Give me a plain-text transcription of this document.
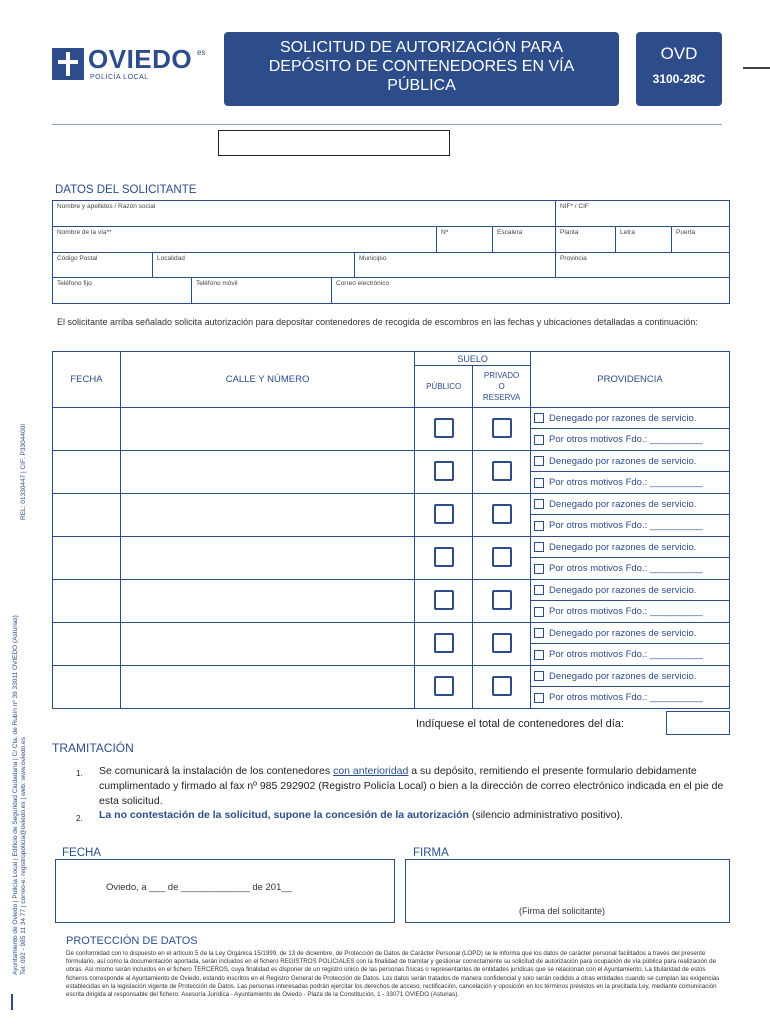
OVIEDO es
POLICÍA LOCAL
SOLICITUD DE AUTORIZACIÓN PARA
DEPÓSITO DE CONTENEDORES EN VÍA
PÚBLICA
OVD
3100-28C
DATOS DEL SOLICITANTE
Nombre y apellidos / Razón social	NIF* / CIF
Nombre de la vía**	Nº	Escalera	Planta	Letra	Puerta
Código Postal	Localidad	Municipio	Provincia
Teléfono fijo	Teléfono móvil	Correo electrónico
El solicitante arriba señalado solicita autorización para depositar contenedores de recogida de escombros en las fechas y ubicaciones detalladas a continuación:
FECHA	CALLE Y NÚMERO	SUELO		PROVIDENCIA
		PÚBLICO	PRIVADO
O
RESERVA	

				Denegado por razones de servicio.
Por otros motivos Fdo.: __________

				Denegado por razones de servicio.
Por otros motivos Fdo.: __________

				Denegado por razones de servicio.
Por otros motivos Fdo.: __________

				Denegado por razones de servicio.
Por otros motivos Fdo.: __________

				Denegado por razones de servicio.
Por otros motivos Fdo.: __________

				Denegado por razones de servicio.
Por otros motivos Fdo.: __________

				Denegado por razones de servicio.
Por otros motivos Fdo.: __________
Indíquese el total de contenedores del día:
TRAMITACIÓN
1. Se comunicará la instalación de los contenedores con anterioridad a su depósito, remitiendo el presente formulario debidamente cumplimentado y firmado al fax nº 985 292902 (Registro Policía Local) o bien a la dirección de correo electrónico indicada en el pie de esta solicitud.
2. La no contestación de la solicitud, supone la concesión de la autorización (silencio administrativo positivo).
FECHA	FIRMA
Oviedo, a ___ de _____________ de 201__
(Firma del solicitante)
PROTECCIÓN DE DATOS
De conformidad con lo dispuesto en el artículo 5 de la Ley Orgánica 15/1999, de 13 de diciembre, de Protección de Datos de Carácter Personal (LOPD) se le informa que los datos de carácter personal facilitados a través del presente formulario, así como la documentación aportada, serán incluidos en el fichero REGISTROS POLICIALES con la finalidad de tramitar y gestionar correctamente su solicitud de autorización para ocupación de vía pública para realización de obras. Así mismo serán incluidos en el fichero TERCEROS, cuya finalidad es disponer de un registro único de las personas físicas o representantes de entidades jurídicas que se relacionan con el Ayuntamiento. La titularidad de estos ficheros corresponde al Ayuntamiento de Oviedo, estando inscritos en el Registro General de Protección de Datos. Los datos serán tratados de manera confidencial y solo serán cedidos a otras entidades cuando se cumplan las exigencias establecidas en la legislación vigente de Protección de Datos. Las personas interesadas podrán ejercitar los derechos de acceso, rectificación, cancelación y oposición en los términos previstos en la precitada Ley, mediante comunicación escrita dirigida al responsable del fichero: Asesoría Jurídica - Ayuntamiento de Oviedo - Plaza de la Constitución, 1 - 33071 OVIEDO (Asturias).
REL: 01330447 | CIF: P3304400I
Ayuntamiento de Oviedo | Policía Local | Edificio de Seguridad Ciudadana | C/ Cta. de Rubín nº 39 33011 OVIEDO (Asturias) Tel: 092 - 985 11 34 77 | correo-e: registropolicia@oviedo.es | web: www.oviedo.es
